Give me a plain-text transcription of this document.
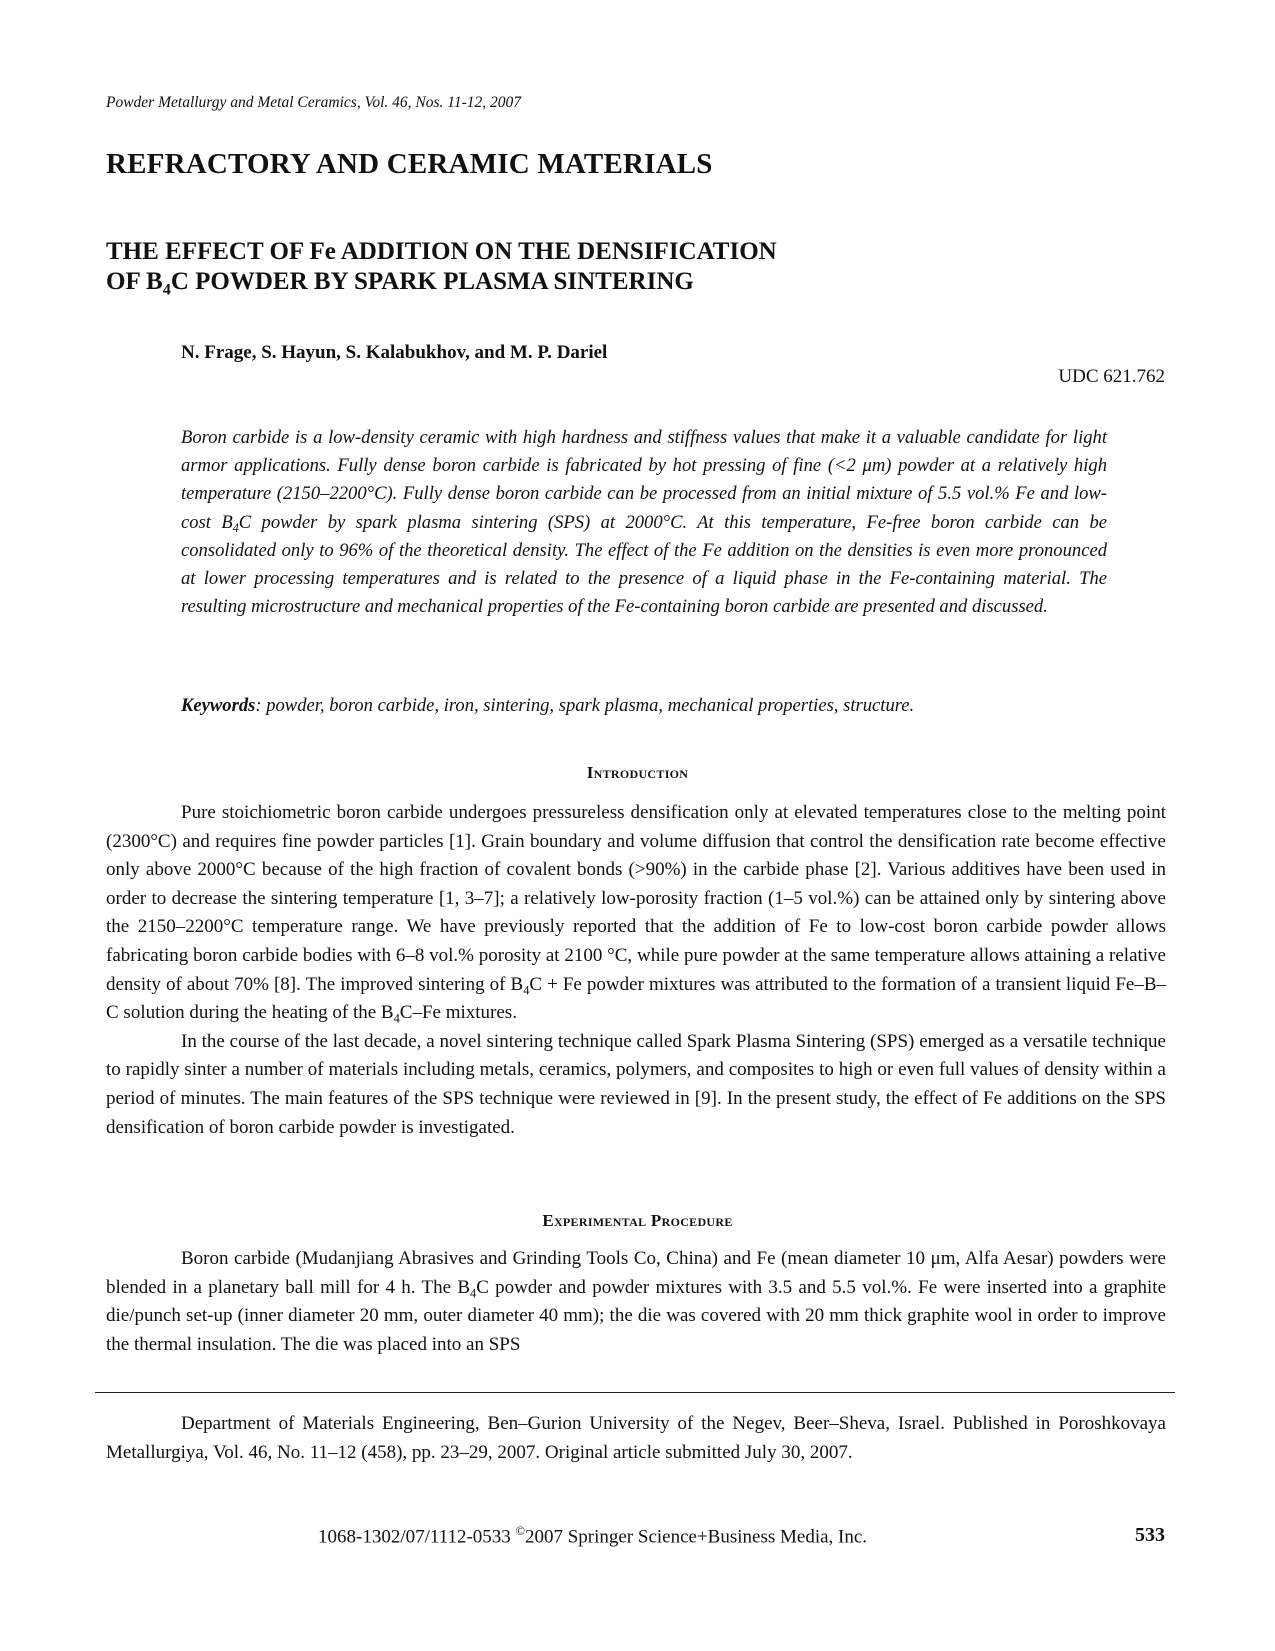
Powder Metallurgy and Metal Ceramics, Vol. 46, Nos. 11-12, 2007
REFRACTORY AND CERAMIC MATERIALS
THE EFFECT OF Fe ADDITION ON THE DENSIFICATION
OF $B_4C$ POWDER BY SPARK PLASMA SINTERING
N. Frage, S. Hayun, S. Kalabukhov, and M. P. Dariel
UDC 621.762

Boron carbide is a low-density ceramic with high hardness and stiffness values that make it a valuable candidate for light armor applications. Fully dense boron carbide is fabricated by hot pressing of fine (<2 μm) powder at a relatively high temperature (2150–2200°C). Fully dense boron carbide can be processed from an initial mixture of 5.5 vol.% Fe and low-cost $B_4C$ powder by spark plasma sintering (SPS) at 2000°C. At this temperature, Fe-free boron carbide can be consolidated only to 96% of the theoretical density. The effect of the Fe addition on the densities is even more pronounced at lower processing temperatures and is related to the presence of a liquid phase in the Fe-containing material. The resulting microstructure and mechanical properties of the Fe-containing boron carbide are presented and discussed.

Keywords: powder, boron carbide, iron, sintering, spark plasma, mechanical properties, structure.
Introduction

Pure stoichiometric boron carbide undergoes pressureless densification only at elevated temperatures close to the melting point (2300°C) and requires fine powder particles [1]. Grain boundary and volume diffusion that control the densification rate become effective only above 2000°C because of the high fraction of covalent bonds (>90%) in the carbide phase [2]. Various additives have been used in order to decrease the sintering temperature [1, 3–7]; a relatively low-porosity fraction (1–5 vol.%) can be attained only by sintering above the 2150–2200°C temperature range. We have previously reported that the addition of Fe to low-cost boron carbide powder allows fabricating boron carbide bodies with 6–8 vol.% porosity at 2100 °C, while pure powder at the same temperature allows attaining a relative density of about 70% [8]. The improved sintering of $B_4C + Fe$ powder mixtures was attributed to the formation of a transient liquid Fe–B–C solution during the heating of the $B_4C-Fe$ mixtures.

In the course of the last decade, a novel sintering technique called Spark Plasma Sintering (SPS) emerged as a versatile technique to rapidly sinter a number of materials including metals, ceramics, polymers, and composites to high or even full values of density within a period of minutes. The main features of the SPS technique were reviewed in [9]. In the present study, the effect of Fe additions on the SPS densification of boron carbide powder is investigated.

Experimental Procedure

Boron carbide (Mudanjiang Abrasives and Grinding Tools Co, China) and Fe (mean diameter 10 μm, Alfa Aesar) powders were blended in a planetary ball mill for 4 h. The $B_4C$ powder and powder mixtures with 3.5 and 5.5 vol.%. Fe were inserted into a graphite die/punch set-up (inner diameter 20 mm, outer diameter 40 mm); the die was covered with 20 mm thick graphite wool in order to improve the thermal insulation. The die was placed into an SPS

Department of Materials Engineering, Ben–Gurion University of the Negev, Beer–Sheva, Israel. Published in Poroshkovaya Metallurgiya, Vol. 46, No. 11–12 (458), pp. 23–29, 2007. Original article submitted July 30, 2007.

1068-1302/07/1112-0533 ©2007 Springer Science+Business Media, Inc.	533
